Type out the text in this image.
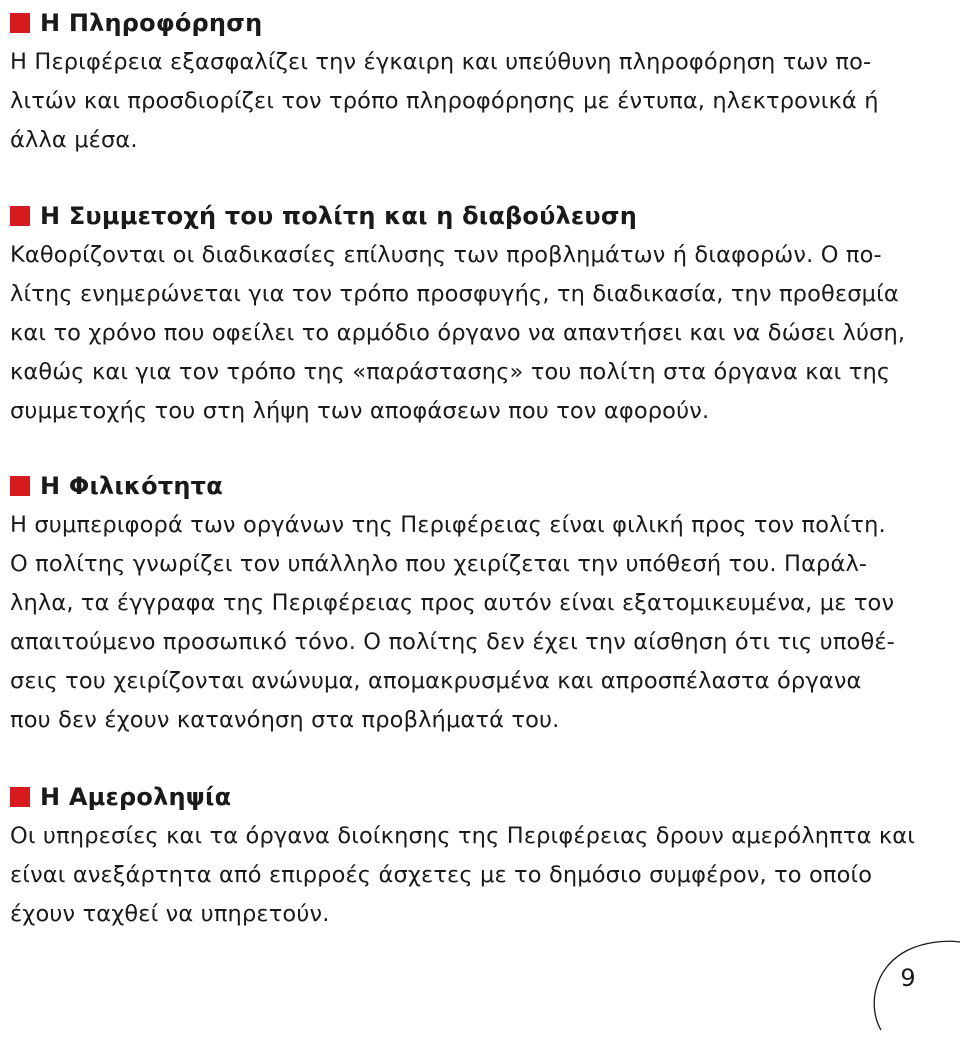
Η Πληροφόρηση
Η Περιφέρεια εξασφαλίζει την έγκαιρη και υπεύθυνη πληροφόρηση των πο-
λιτών και προσδιορίζει τον τρόπο πληροφόρησης με έντυπα, ηλεκτρονικά ή
άλλα μέσα.
Η Συμμετοχή του πολίτη και η διαβούλευση
Καθορίζονται οι διαδικασίες επίλυσης των προβλημάτων ή διαφορών. Ο πο-
λίτης ενημερώνεται για τον τρόπο προσφυγής, τη διαδικασία, την προθεσμία
και το χρόνο που οφείλει το αρμόδιο όργανο να απαντήσει και να δώσει λύση,
καθώς και για τον τρόπο της «παράστασης» του πολίτη στα όργανα και της
συμμετοχής του στη λήψη των αποφάσεων που τον αφορούν.
Η Φιλικότητα
Η συμπεριφορά των οργάνων της Περιφέρειας είναι φιλική προς τον πολίτη.
Ο πολίτης γνωρίζει τον υπάλληλο που χειρίζεται την υπόθεσή του. Παράλ-
ληλα, τα έγγραφα της Περιφέρειας προς αυτόν είναι εξατομικευμένα, με τον
απαιτούμενο προσωπικό τόνο. Ο πολίτης δεν έχει την αίσθηση ότι τις υποθέ-
σεις του χειρίζονται ανώνυμα, απομακρυσμένα και απροσπέλαστα όργανα
που δεν έχουν κατανόηση στα προβλήματά του.
Η Αμεροληψία
Οι υπηρεσίες και τα όργανα διοίκησης της Περιφέρειας δρουν αμερόληπτα και
είναι ανεξάρτητα από επιρροές άσχετες με το δημόσιο συμφέρον, το οποίο
έχουν ταχθεί να υπηρετούν.
9
